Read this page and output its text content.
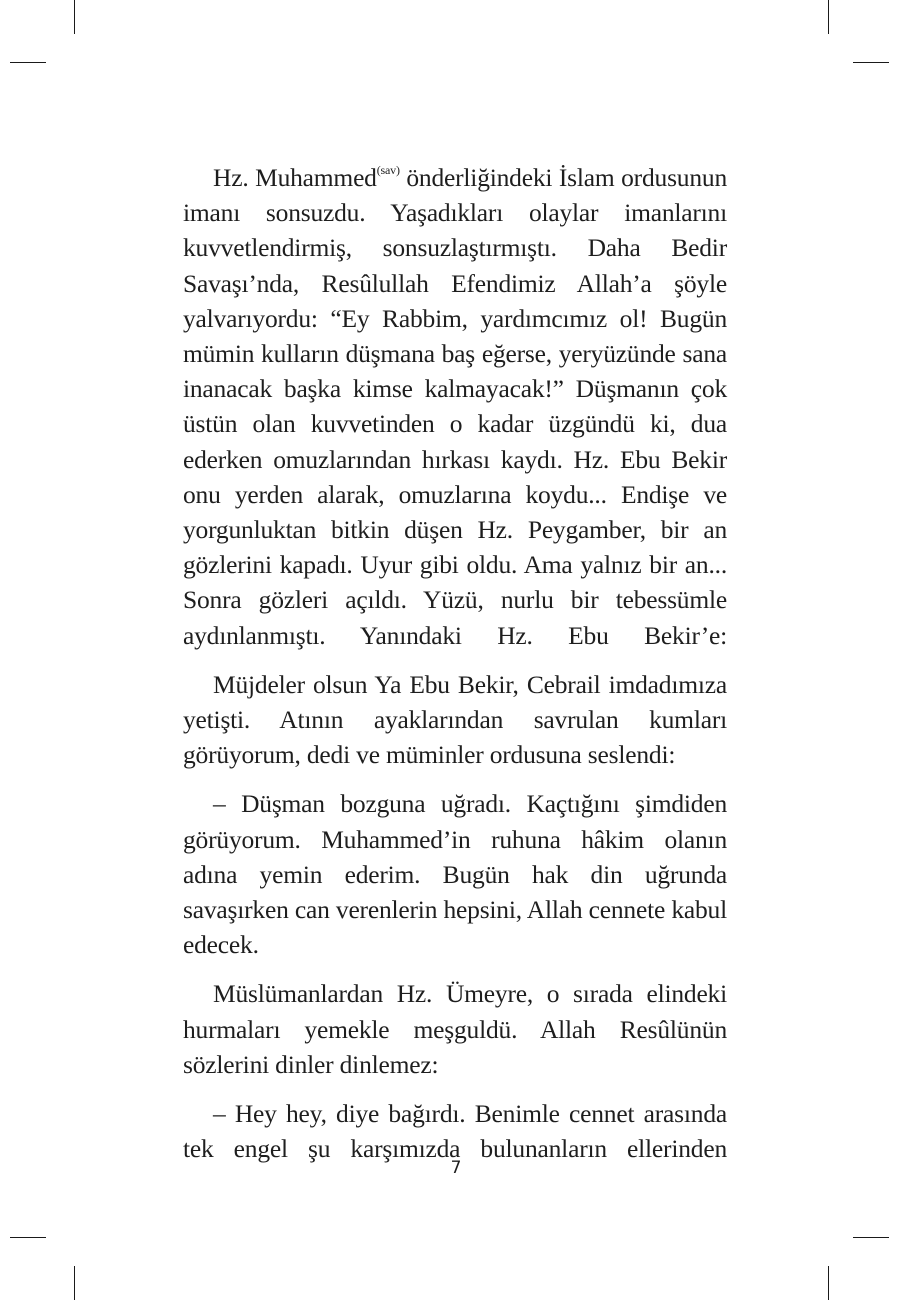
Hz. Muhammed$^{(sav)}$ önderliğindeki İslam ordusunun imanı sonsuzdu. Yaşadıkları olaylar imanlarını kuvvetlendirmiş, sonsuzlaştırmıştı. Daha Bedir Savaşı’nda, Resûlullah Efendimiz Allah’a şöyle yalvarıyordu: “Ey Rabbim, yardımcımız ol! Bugün mümin kulların düşmana baş eğerse, yeryüzünde sana inanacak başka kimse kalmayacak!” Düşmanın çok üstün olan kuvvetinden o kadar üzgündü ki, dua ederken omuzlarından hırkası kaydı. Hz. Ebu Bekir onu yerden alarak, omuzlarına koydu... Endişe ve yorgunluktan bitkin düşen Hz. Peygamber, bir an gözlerini kapadı. Uyur gibi oldu. Ama yalnız bir an... Sonra gözleri açıldı. Yüzü, nurlu bir tebessümle aydınlanmıştı. Yanındaki Hz. Ebu Bekir’e:

Müjdeler olsun Ya Ebu Bekir, Cebrail imdadımıza yetişti. Atının ayaklarından savrulan kumları görüyorum, dedi ve müminler ordusuna seslendi:

– Düşman bozguna uğradı. Kaçtığını şimdiden görüyorum. Muhammed’in ruhuna hâkim olanın adına yemin ederim. Bugün hak din uğrunda savaşırken can verenlerin hepsini, Allah cennete kabul edecek.

Müslümanlardan Hz. Ümeyre, o sırada elindeki hurmaları yemekle meşguldü. Allah Resûlünün sözlerini dinler dinlemez:

– Hey hey, diye bağırdı. Benimle cennet arasında tek engel şu karşımızda bulunanların ellerinden

7
